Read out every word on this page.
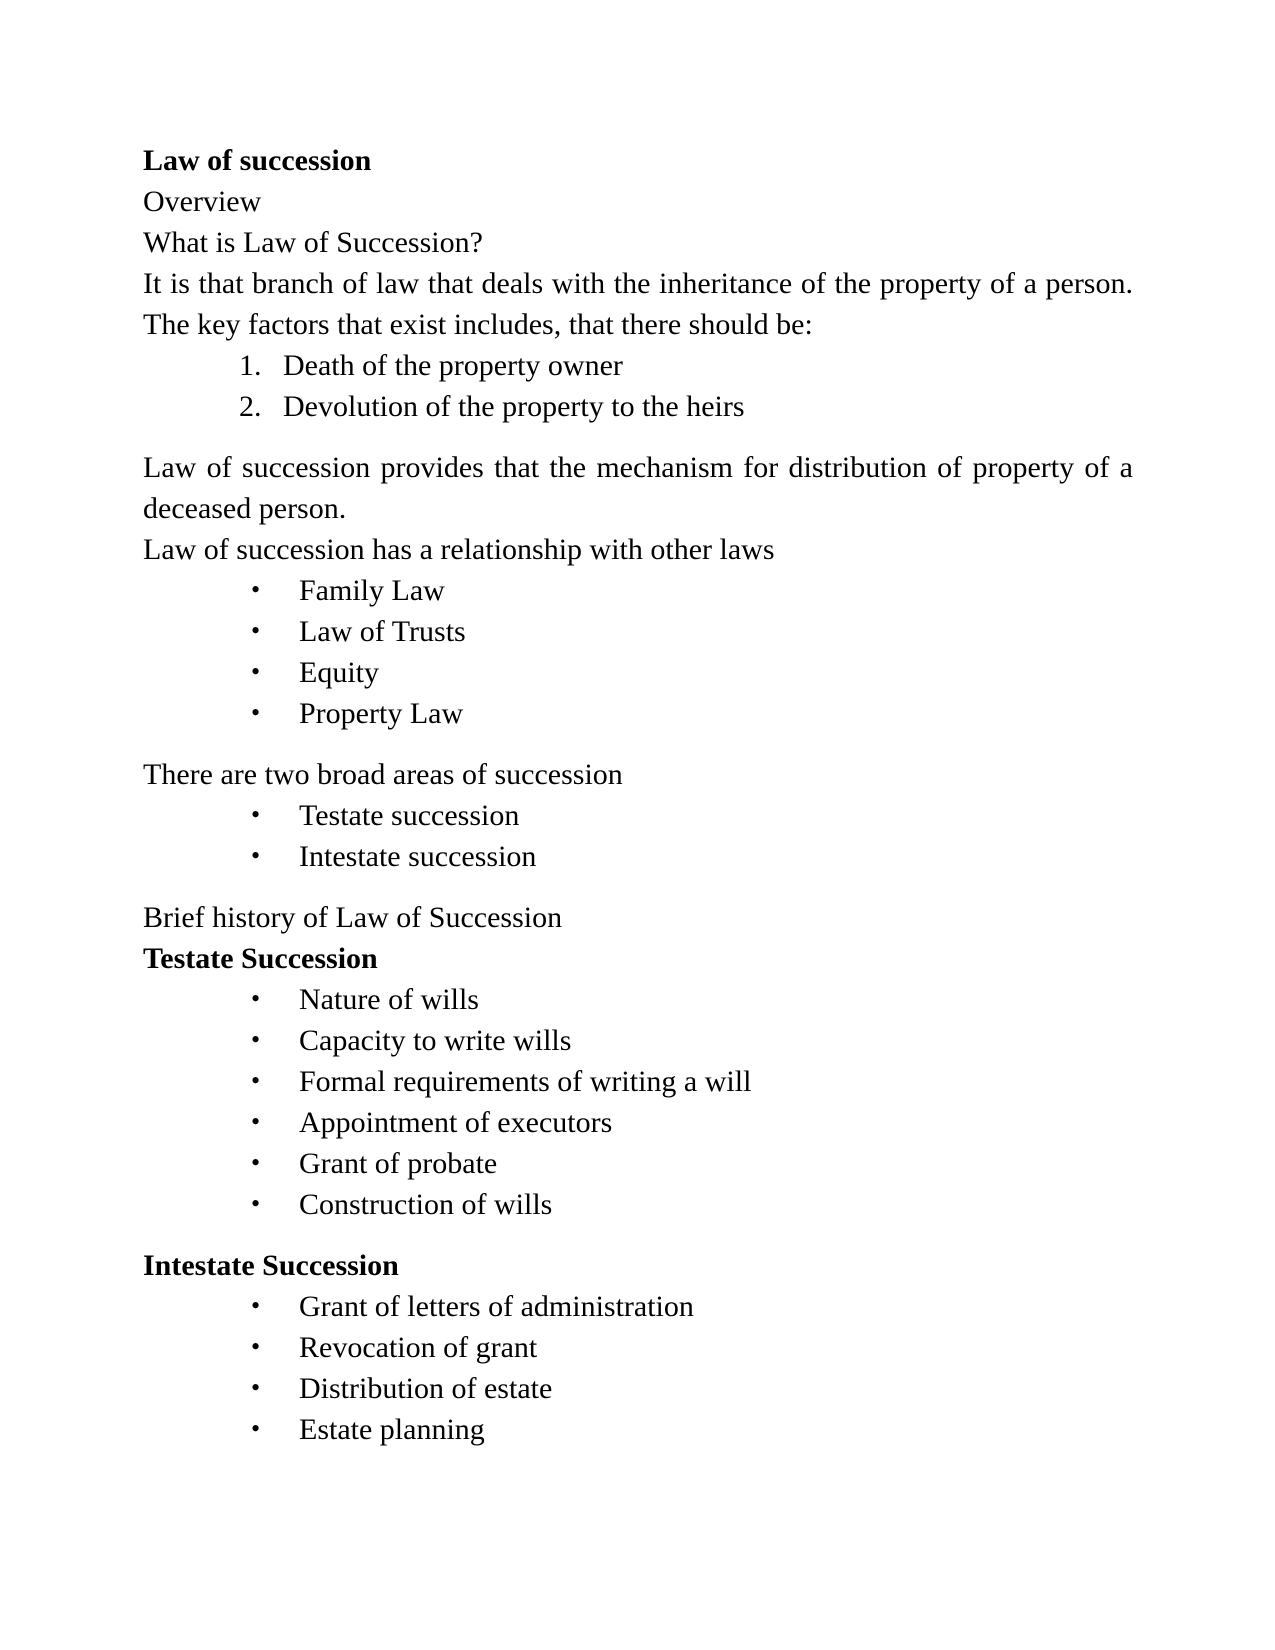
Law of succession

Overview

What is Law of Succession?

It is that branch of law that deals with the inheritance of the property of a person. The key factors that exist includes, that there should be:

Death of the property owner
Devolution of the property to the heirs

Law of succession provides that the mechanism for distribution of property of a deceased person.

Law of succession has a relationship with other laws

• Family Law
• Law of Trusts
• Equity
• Property Law

There are two broad areas of succession

• Testate succession
• Intestate succession

Brief history of Law of Succession

Testate Succession

• Nature of wills
• Capacity to write wills
• Formal requirements of writing a will
• Appointment of executors
• Grant of probate
• Construction of wills

Intestate Succession

• Grant of letters of administration
• Revocation of grant
• Distribution of estate
• Estate planning
